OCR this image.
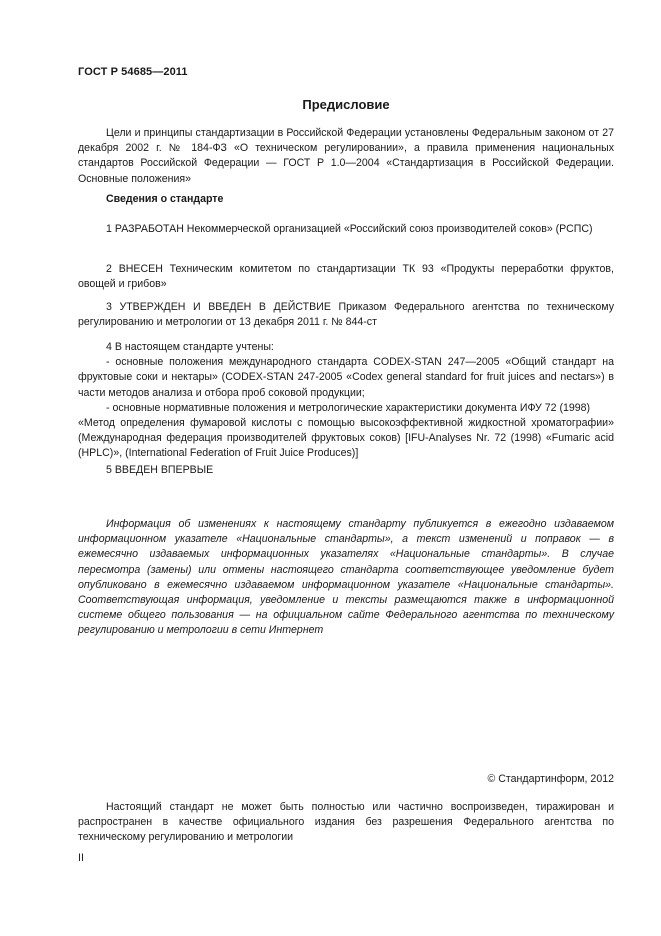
ГОСТ Р 54685—2011
Предисловие

Цели и принципы стандартизации в Российской Федерации установлены Федеральным законом от 27 декабря 2002 г. № 184-ФЗ «О техническом регулировании», а правила применения национальных стандартов Российской Федерации — ГОСТ Р 1.0—2004 «Стандартизация в Российской Федерации. Основные положения»

Сведения о стандарте

1 РАЗРАБОТАН Некоммерческой организацией «Российский союз производителей соков» (РСПС)

2 ВНЕСЕН Техническим комитетом по стандартизации ТК 93 «Продукты переработки фруктов, овощей и грибов»

3 УТВЕРЖДЕН И ВВЕДЕН В ДЕЙСТВИЕ Приказом Федерального агентства по техническому регулированию и метрологии от 13 декабря 2011 г. № 844-ст

4 В настоящем стандарте учтены:

- основные положения международного стандарта CODEX-STAN 247—2005 «Общий стандарт на фруктовые соки и нектары» (CODEX-STAN 247-2005 «Codex general standard for fruit juices and nectars») в части методов анализа и отбора проб соковой продукции;

- основные нормативные положения и метрологические характеристики документа ИФУ 72 (1998)

«Метод определения фумаровой кислоты с помощью высокоэффективной жидкостной хроматографии» (Международная федерация производителей фруктовых соков) [IFU-Analyses Nr. 72 (1998) «Fumaric acid (HPLC)», (International Federation of Fruit Juice Produces)]

5 ВВЕДЕН ВПЕРВЫЕ

Информация об изменениях к настоящему стандарту публикуется в ежегодно издаваемом информационном указателе «Национальные стандарты», а текст изменений и поправок — в ежемесячно издаваемых информационных указателях «Национальные стандарты». В случае пересмотра (замены) или отмены настоящего стандарта соответствующее уведомление будет опубликовано в ежемесячно издаваемом информационном указателе «Национальные стандарты». Соответствующая информация, уведомление и тексты размещаются также в информационной системе общего пользования — на официальном сайте Федерального агентства по техническому регулированию и метрологии в сети Интернет

© Стандартинформ, 2012

Настоящий стандарт не может быть полностью или частично воспроизведен, тиражирован и распространен в качестве официального издания без разрешения Федерального агентства по техническому регулированию и метрологии

II
